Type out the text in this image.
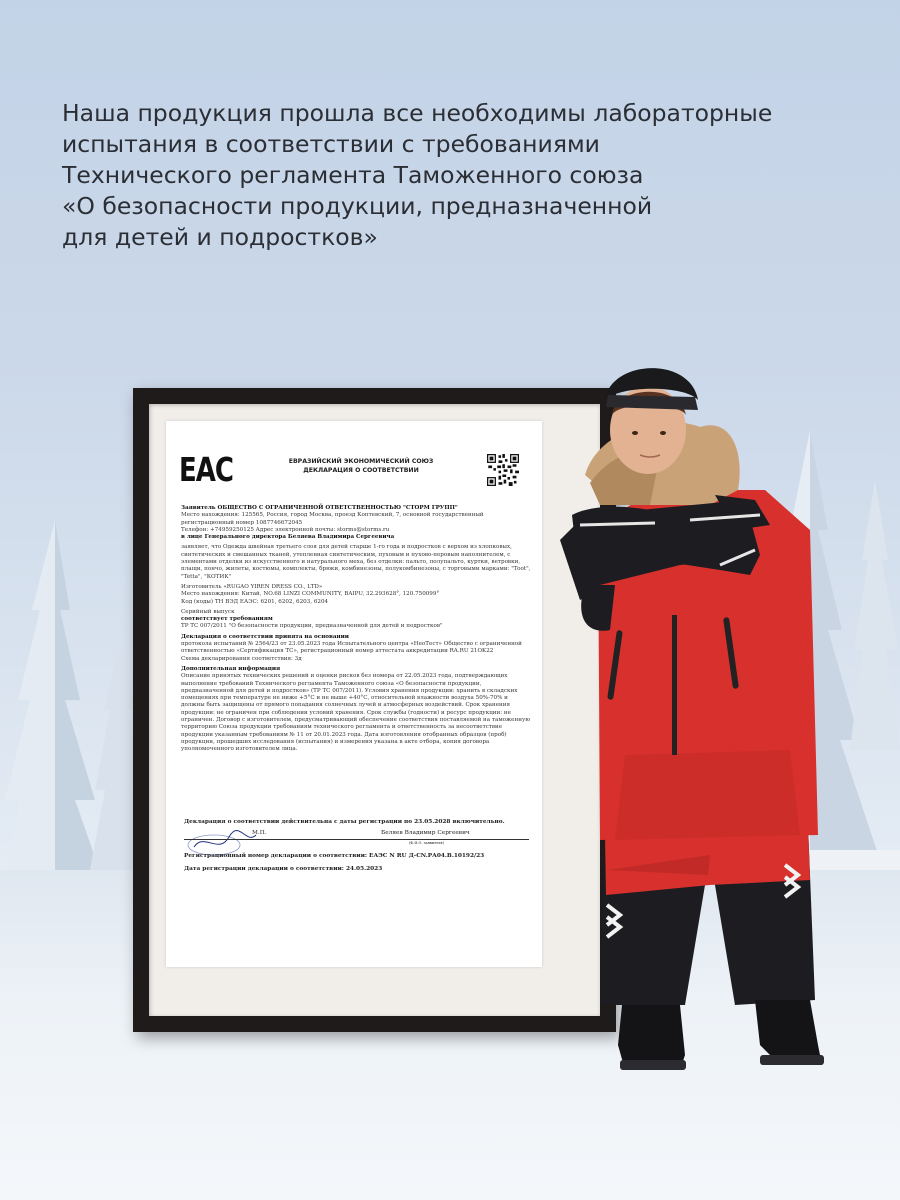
Наша продукция прошла все необходимы лабораторные
испытания в соответствии с требованиями
Технического регламента Таможенного союза
«О безопасности продукции, предназначенной
для детей и подростков»
EAC	ЕВРАЗИЙСКИЙ ЭКОНОМИЧЕСКИЙ СОЮЗ
ДЕКЛАРАЦИЯ О СООТВЕТСТВИИ

Заявитель ОБЩЕСТВО С ОГРАНИЧЕННОЙ ОТВЕТСТВЕННОСТЬЮ "СТОРМ ГРУПП"

Место нахождения: 125565, Россия, город Москва, проезд Коптевский, 7, основной государственный регистрационный номер 1087746672045

Телефон: +74959250125 Адрес электронной почты: storms@storms.ru

в лице Генерального директора Беляева Владимира Сергеевича

заявляет, что Одежда швейная третьего слоя для детей старше 1-го года и подростков с верхом из хлопковых, синтетических и смешанных тканей, утепленная синтетическим, пуховым и пухово-перовым наполнителем, с элементами отделки из искусственного и натурального меха, без отделки: пальто, полупальто, куртки, ветровки, плащи, пончо, жилеты, костюмы, комплекты, брюки, комбинезоны, полукомбинезоны, с торговыми марками: "Toot", "Tetta", "КОТИК"

Изготовитель «RUGAO YIREN DRESS CO., LTD»

Место нахождения: Китай, NO.68 LINZI COMMUNITY, BAIPU, 32.293628°, 120.750099°

Код (коды) ТН ВЭД ЕАЭС: 6201, 6202, 6203, 6204

Серийный выпуск

соответствует требованиям

ТР ТС 007/2011 "О безопасности продукции, предназначенной для детей и подростков"

Декларация о соответствии принята на основании

протокола испытаний № 2564/23 от 23.05.2023 года Испытательного центра «НеоТест» Общество с ограниченной ответственностью «Сертификация ТС», регистрационный номер аттестата аккредитации RA.RU 21OK22

Схема декларирования соответствия: 3д

Дополнительная информация

Описание принятых технических решений и оценки рисков без номера от 22.05.2023 года, подтверждающих выполнение требований Технического регламента Таможенного союза «О безопасности продукции, предназначенной для детей и подростков» (ТР ТС 007/2011). Условия хранения продукции: хранить в складских помещениях при температуре не ниже +5°С и не выше +40°С, относительной влажности воздуха 50%-70% и должны быть защищены от прямого попадания солнечных лучей и атмосферных воздействий. Срок хранения продукции: не ограничен при соблюдении условий хранения. Срок службы (годности) и ресурс продукции: не ограничен. Договор с изготовителем, предусматривающий обеспечение соответствия поставляемой на таможенную территорию Союза продукции требованиям технического регламента и ответственность за несоответствие продукции указанным требованиям № 11 от 20.01.2023 года. Дата изготовления отобранных образцов (проб) продукции, прошедших исследования (испытания) и измерения указана в акте отбора, копия договора уполномоченного изготовителем лица.

Декларация о соответствии действительна с даты регистрации по 23.05.2028 включительно.
М.П.	Беляев Владимир Сергеевич
(Ф.И.О. заявителя)
Регистрационный номер декларации о соответствии: ЕАЭС N RU Д-CN.РА04.В.10192/23
Дата регистрации декларации о соответствии: 24.05.2023
